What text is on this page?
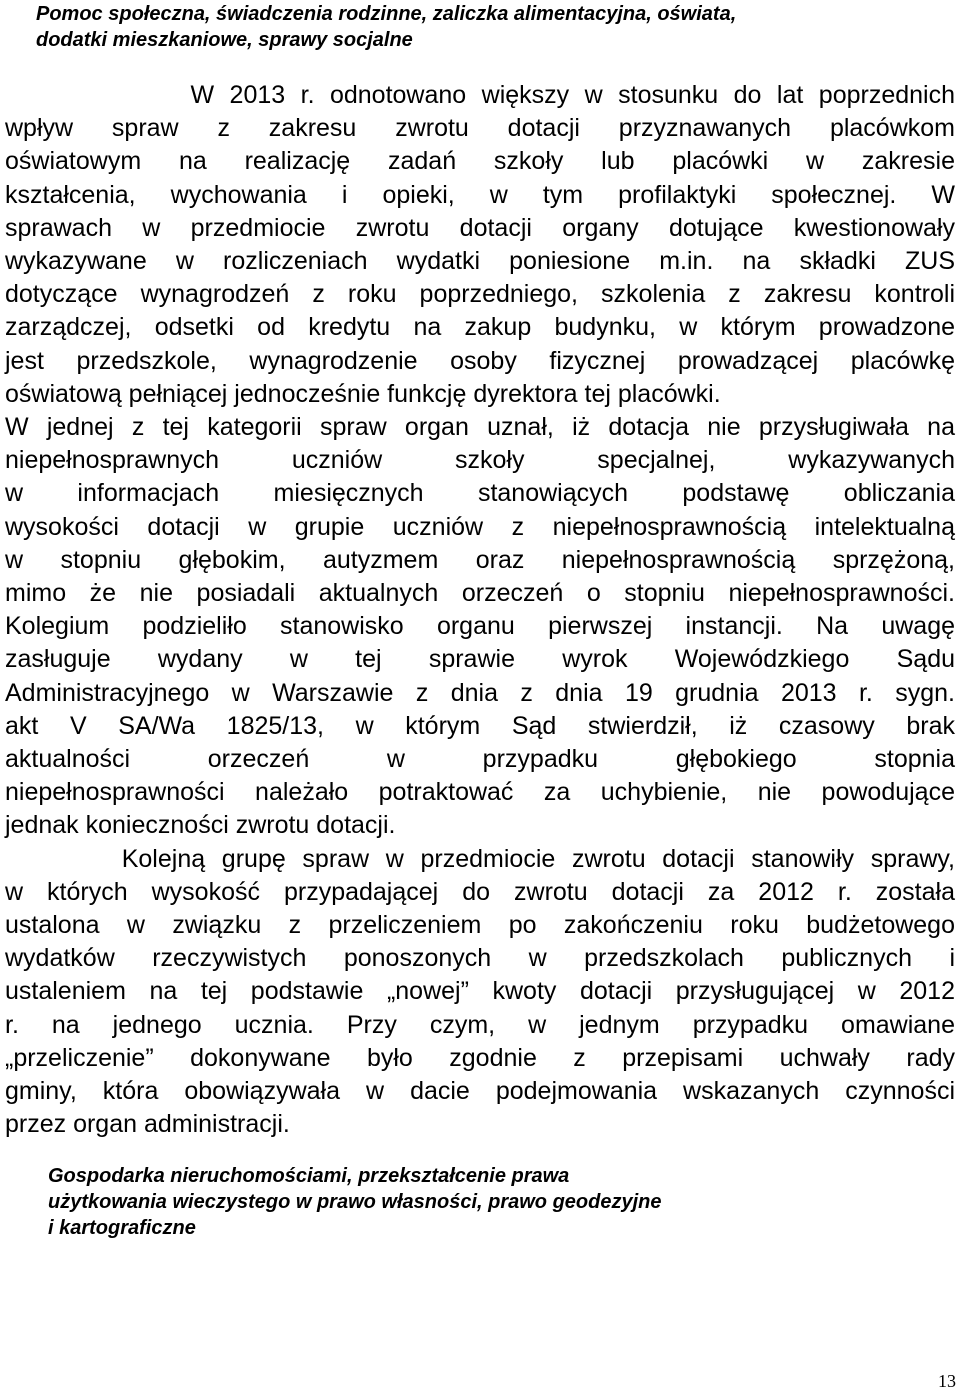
Pomoc społeczna, świadczenia rodzinne, zaliczka alimentacyjna, oświata,
dodatki mieszkaniowe, sprawy socjalne

W 2013 r. odnotowano większy w stosunku do lat poprzednich
wpływ spraw z zakresu zwrotu dotacji przyznawanych placówkom
oświatowym na realizację zadań szkoły lub placówki w zakresie
kształcenia, wychowania i opieki, w tym profilaktyki społecznej. W
sprawach w przedmiocie zwrotu dotacji organy dotujące kwestionowały
wykazywane w rozliczeniach wydatki poniesione m.in. na składki ZUS
dotyczące wynagrodzeń z roku poprzedniego, szkolenia z zakresu kontroli
zarządczej, odsetki od kredytu na zakup budynku, w którym prowadzone
jest przedszkole, wynagrodzenie osoby fizycznej prowadzącej placówkę
oświatową pełniącej jednocześnie funkcję dyrektora tej placówki.
W jednej z tej kategorii spraw organ uznał, iż dotacja nie przysługiwała na
niepełnosprawnych uczniów szkoły specjalnej, wykazywanych
w informacjach miesięcznych stanowiących podstawę obliczania
wysokości dotacji w grupie uczniów z niepełnosprawnością intelektualną
w stopniu głębokim, autyzmem oraz niepełnosprawnością sprzężoną,
mimo że nie posiadali aktualnych orzeczeń o stopniu niepełnosprawności.
Kolegium podzieliło stanowisko organu pierwszej instancji. Na uwagę
zasługuje wydany w tej sprawie wyrok Wojewódzkiego Sądu
Administracyjnego w Warszawie z dnia z dnia 19 grudnia 2013 r. sygn.
akt V SA/Wa 1825/13, w którym Sąd stwierdził, iż czasowy brak
aktualności orzeczeń w przypadku głębokiego stopnia
niepełnosprawności należało potraktować za uchybienie, nie powodujące
jednak konieczności zwrotu dotacji.
Kolejną grupę spraw w przedmiocie zwrotu dotacji stanowiły sprawy,
w których wysokość przypadającej do zwrotu dotacji za 2012 r. została
ustalona w związku z przeliczeniem po zakończeniu roku budżetowego
wydatków rzeczywistych ponoszonych w przedszkolach publicznych i
ustaleniem na tej podstawie „nowej” kwoty dotacji przysługującej w 2012
r. na jednego ucznia. Przy czym, w jednym przypadku omawiane
„przeliczenie” dokonywane było zgodnie z przepisami uchwały rady
gminy, która obowiązywała w dacie podejmowania wskazanych czynności
przez organ administracji.

Gospodarka nieruchomościami, przekształcenie prawa
użytkowania wieczystego w prawo własności, prawo geodezyjne
i kartograficzne
13
